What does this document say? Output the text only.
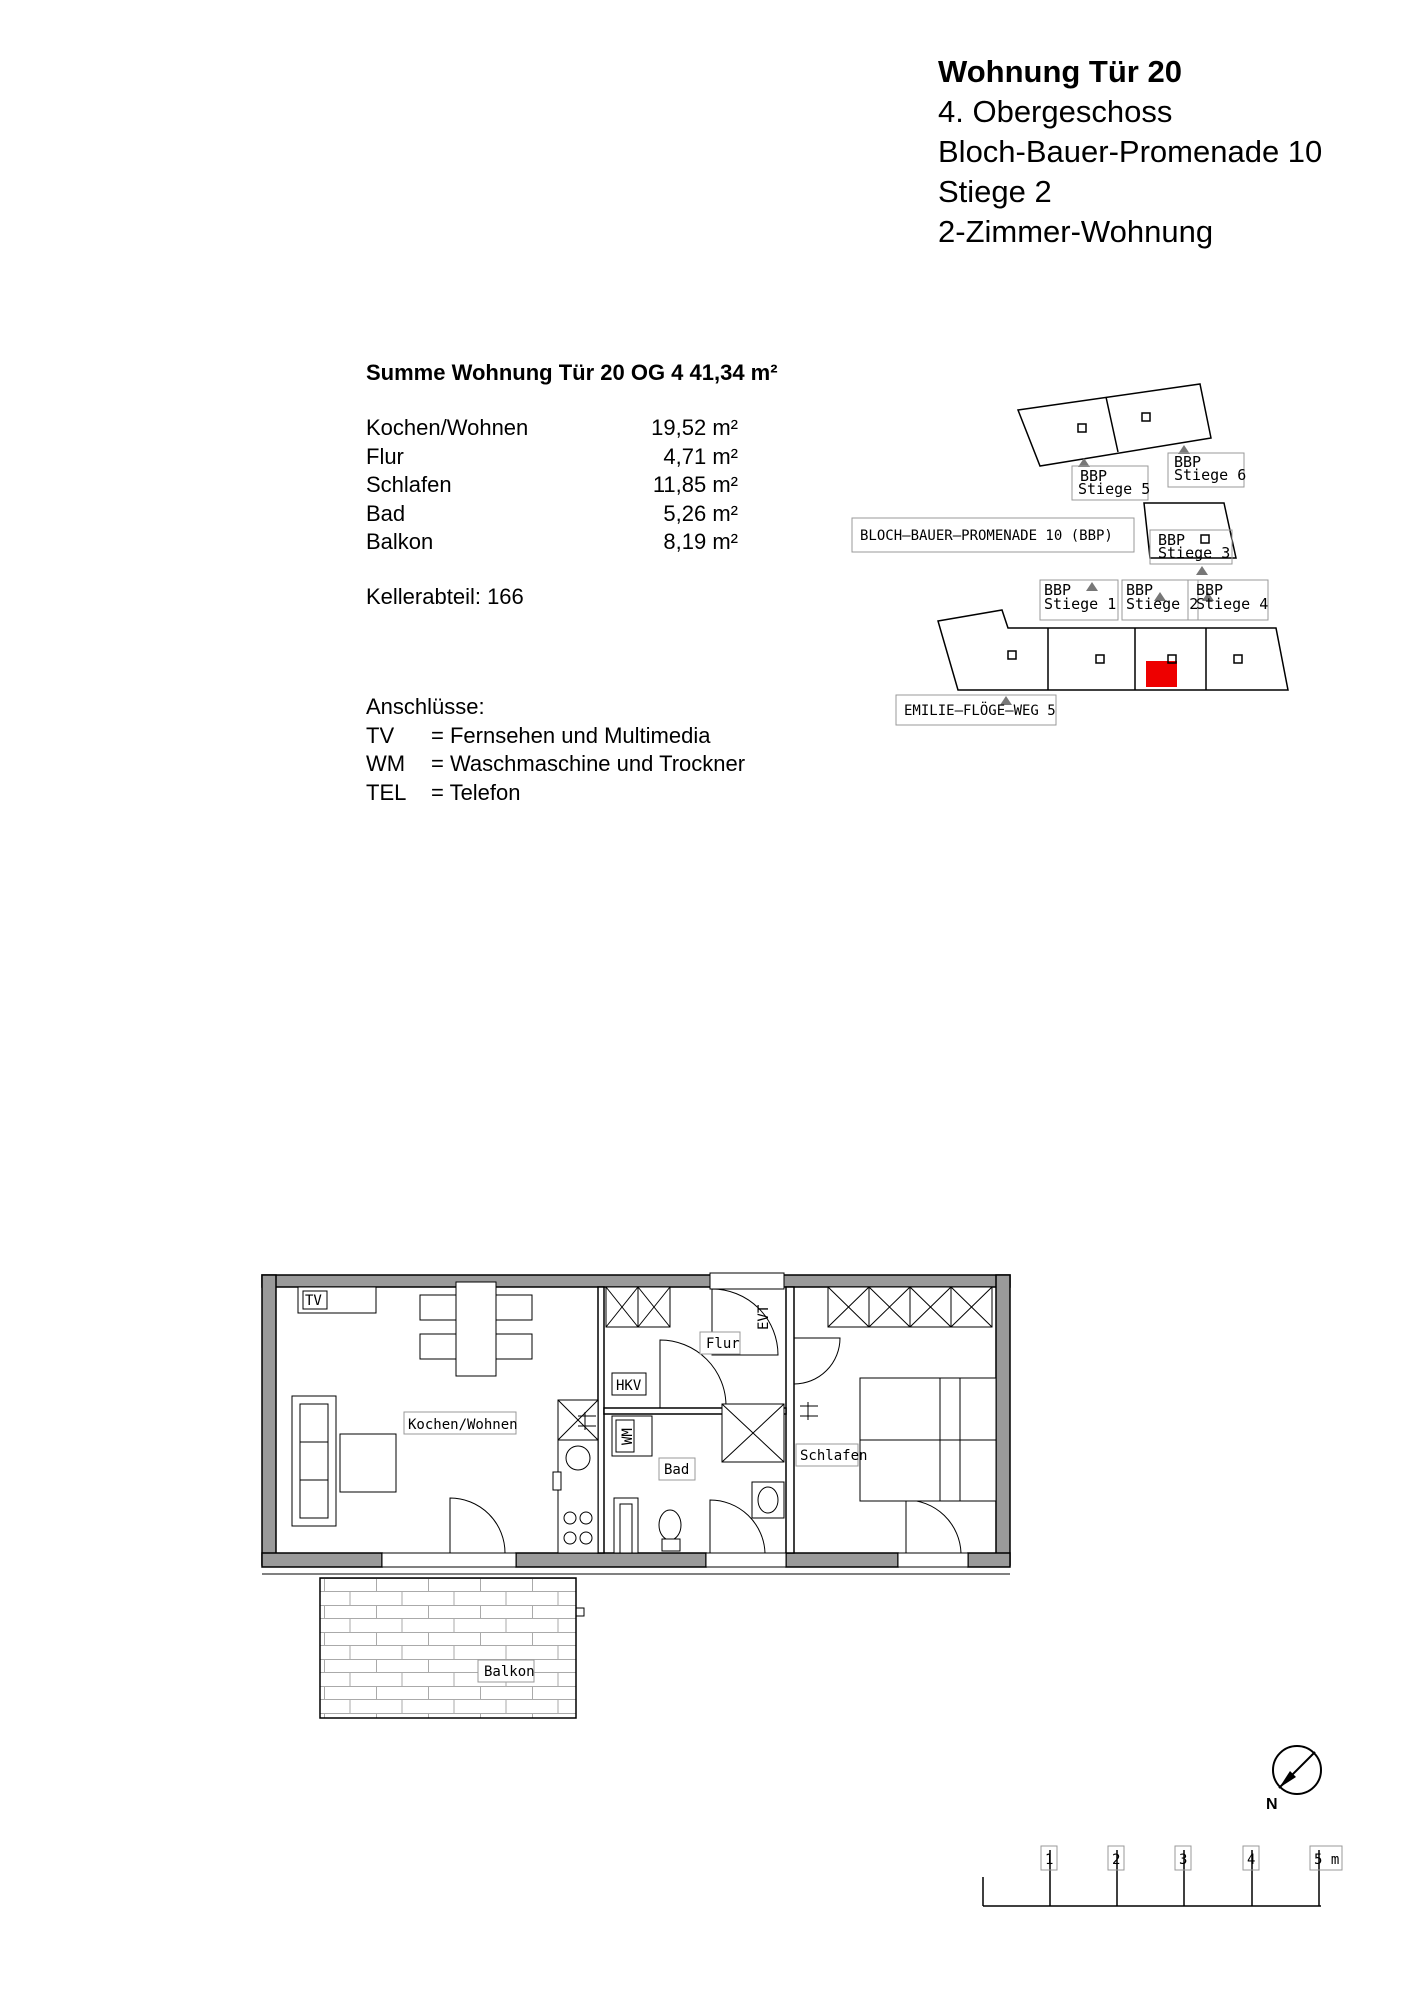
Wohnung Tür 20
4. Obergeschoss
Bloch-Bauer-Promenade 10
Stiege 2
2-Zimmer-Wohnung
Summe Wohnung Tür 20 OG 4 41,34 m²
Kochen/Wohnen	19,52 m²
Flur	4,71 m²
Schlafen	11,85 m²
Bad	5,26 m²
Balkon	8,19 m²
Kellerabteil: 166
Anschlüsse:
TV = Fernsehen und Multimedia
WM = Waschmaschine und Trockner
TEL = Telefon
BBP
Stiege 5
BBP
Stiege 6
BBP
Stiege 3
BBP
Stiege 1
BBP
Stiege 2
BBP
Stiege 4
BLOCH–BAUER–PROMENADE 10 (BBP)
EMILIE–FLÖGE–WEG 5
TV
Kochen/Wohnen
Flur
HKV
WM
EVT
Bad
Schlafen
Balkon
N
1	2	3	4	5 m
